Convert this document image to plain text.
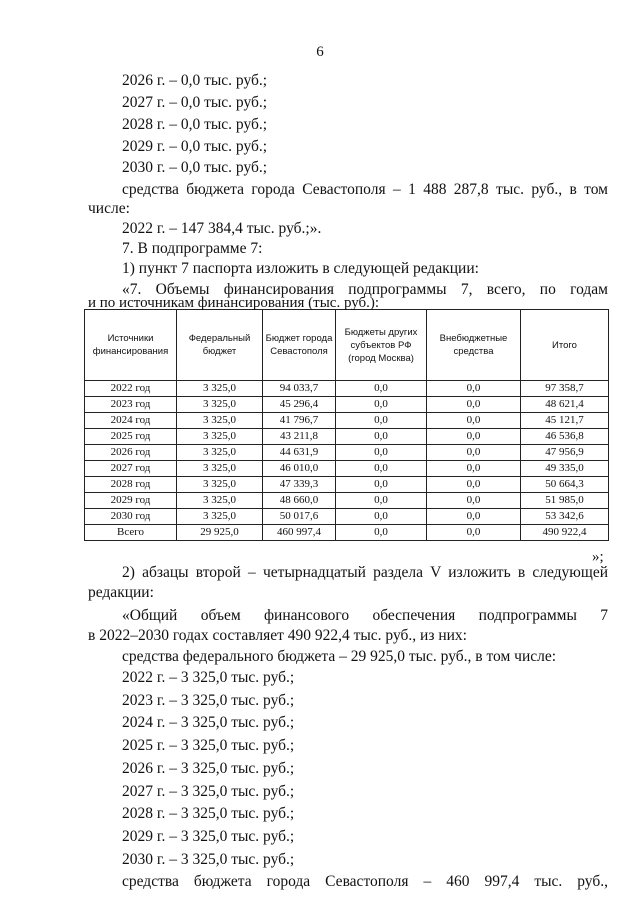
6
2026 г. – 0,0 тыс. руб.;
2027 г. – 0,0 тыс. руб.;
2028 г. – 0,0 тыс. руб.;
2029 г. – 0,0 тыс. руб.;
2030 г. – 0,0 тыс. руб.;
средства бюджета города Севастополя – 1 488 287,8 тыс. руб., в том
числе:
2022 г. – 147 384,4 тыс. руб.;».
7. В подпрограмме 7:
1) пункт 7 паспорта изложить в следующей редакции:
«7. Объемы финансирования подпрограммы 7, всего, по годам
и по источникам финансирования (тыс. руб.):
Источники финансирования	Федеральный бюджет	Бюджет города Севастополя	Бюджеты других субъектов РФ (город Москва)	Внебюджетные средства	Итого
2022 год	3 325,0	94 033,7	0,0	0,0	97 358,7
2023 год	3 325,0	45 296,4	0,0	0,0	48 621,4
2024 год	3 325,0	41 796,7	0,0	0,0	45 121,7
2025 год	3 325,0	43 211,8	0,0	0,0	46 536,8
2026 год	3 325,0	44 631,9	0,0	0,0	47 956,9
2027 год	3 325,0	46 010,0	0,0	0,0	49 335,0
2028 год	3 325,0	47 339,3	0,0	0,0	50 664,3
2029 год	3 325,0	48 660,0	0,0	0,0	51 985,0
2030 год	3 325,0	50 017,6	0,0	0,0	53 342,6
Всего	29 925,0	460 997,4	0,0	0,0	490 922,4
»;
2) абзацы второй – четырнадцатый раздела V изложить в следующей
редакции:
«Общий объем финансового обеспечения подпрограммы 7
в 2022–2030 годах составляет 490 922,4 тыс. руб., из них:
средства федерального бюджета – 29 925,0 тыс. руб., в том числе:
2022 г. – 3 325,0 тыс. руб.;
2023 г. – 3 325,0 тыс. руб.;
2024 г. – 3 325,0 тыс. руб.;
2025 г. – 3 325,0 тыс. руб.;
2026 г. – 3 325,0 тыс. руб.;
2027 г. – 3 325,0 тыс. руб.;
2028 г. – 3 325,0 тыс. руб.;
2029 г. – 3 325,0 тыс. руб.;
2030 г. – 3 325,0 тыс. руб.;
средства бюджета города Севастополя – 460 997,4 тыс. руб.,
